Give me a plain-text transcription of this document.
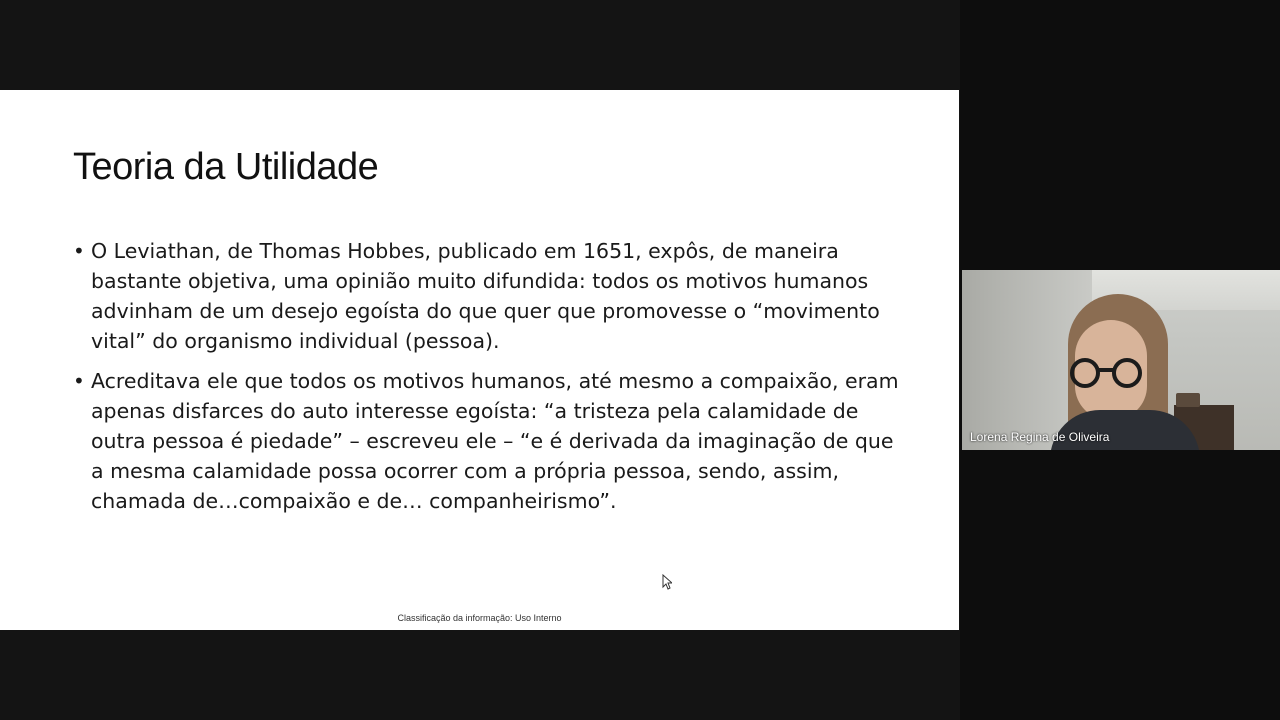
Teoria da Utilidade
• O Leviathan, de Thomas Hobbes, publicado em 1651, expôs, de maneira bastante objetiva, uma opinião muito difundida: todos os motivos humanos advinham de um desejo egoísta do que quer que promovesse o “movimento vital” do organismo individual (pessoa).
• Acreditava ele que todos os motivos humanos, até mesmo a compaixão, eram apenas disfarces do auto interesse egoísta: “a tristeza pela calamidade de outra pessoa é piedade” – escreveu ele – “e é derivada da imaginação de que a mesma calamidade possa ocorrer com a própria pessoa, sendo, assim, chamada de…compaixão e de… companheirismo”.
Classificação da informação: Uso Interno
Lorena Regina de Oliveira
